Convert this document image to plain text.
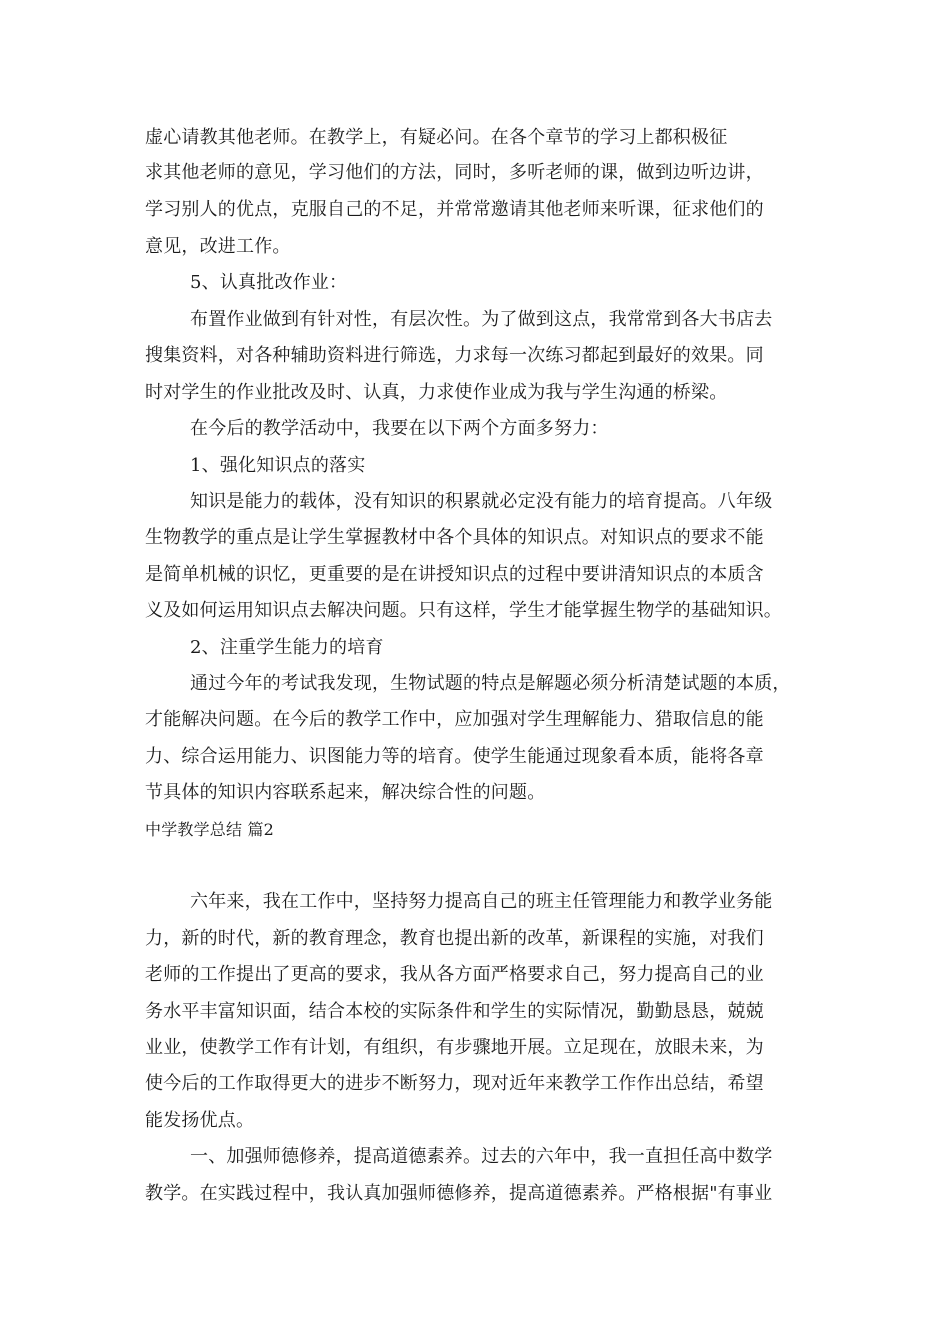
虚心请教其他老师。在教学上，有疑必问。在各个章节的学习上都积极征
求其他老师的意见，学习他们的方法，同时，多听老师的课，做到边听边讲，
学习别人的优点，克服自己的不足，并常常邀请其他老师来听课，征求他们的
意见，改进工作。
5、认真批改作业：
布置作业做到有针对性，有层次性。为了做到这点，我常常到各大书店去
搜集资料，对各种辅助资料进行筛选，力求每一次练习都起到最好的效果。同
时对学生的作业批改及时、认真，力求使作业成为我与学生沟通的桥梁。
在今后的教学活动中，我要在以下两个方面多努力：
1、强化知识点的落实
知识是能力的载体，没有知识的积累就必定没有能力的培育提高。八年级
生物教学的重点是让学生掌握教材中各个具体的知识点。对知识点的要求不能
是简单机械的识忆，更重要的是在讲授知识点的过程中要讲清知识点的本质含
义及如何运用知识点去解决问题。只有这样，学生才能掌握生物学的基础知识。
2、注重学生能力的培育
通过今年的考试我发现，生物试题的特点是解题必须分析清楚试题的本质，
才能解决问题。在今后的教学工作中，应加强对学生理解能力、猎取信息的能
力、综合运用能力、识图能力等的培育。使学生能通过现象看本质，能将各章
节具体的知识内容联系起来，解决综合性的问题。
中学教学总结 篇2
六年来，我在工作中，坚持努力提高自己的班主任管理能力和教学业务能
力，新的时代，新的教育理念，教育也提出新的改革，新课程的实施，对我们
老师的工作提出了更高的要求，我从各方面严格要求自己，努力提高自己的业
务水平丰富知识面，结合本校的实际条件和学生的实际情况，勤勤恳恳，兢兢
业业，使教学工作有计划，有组织，有步骤地开展。立足现在，放眼未来，为
使今后的工作取得更大的进步不断努力，现对近年来教学工作作出总结，希望
能发扬优点。
一、加强师德修养，提高道德素养。过去的六年中，我一直担任高中数学
教学。在实践过程中，我认真加强师德修养，提高道德素养。严格根据"有事业
